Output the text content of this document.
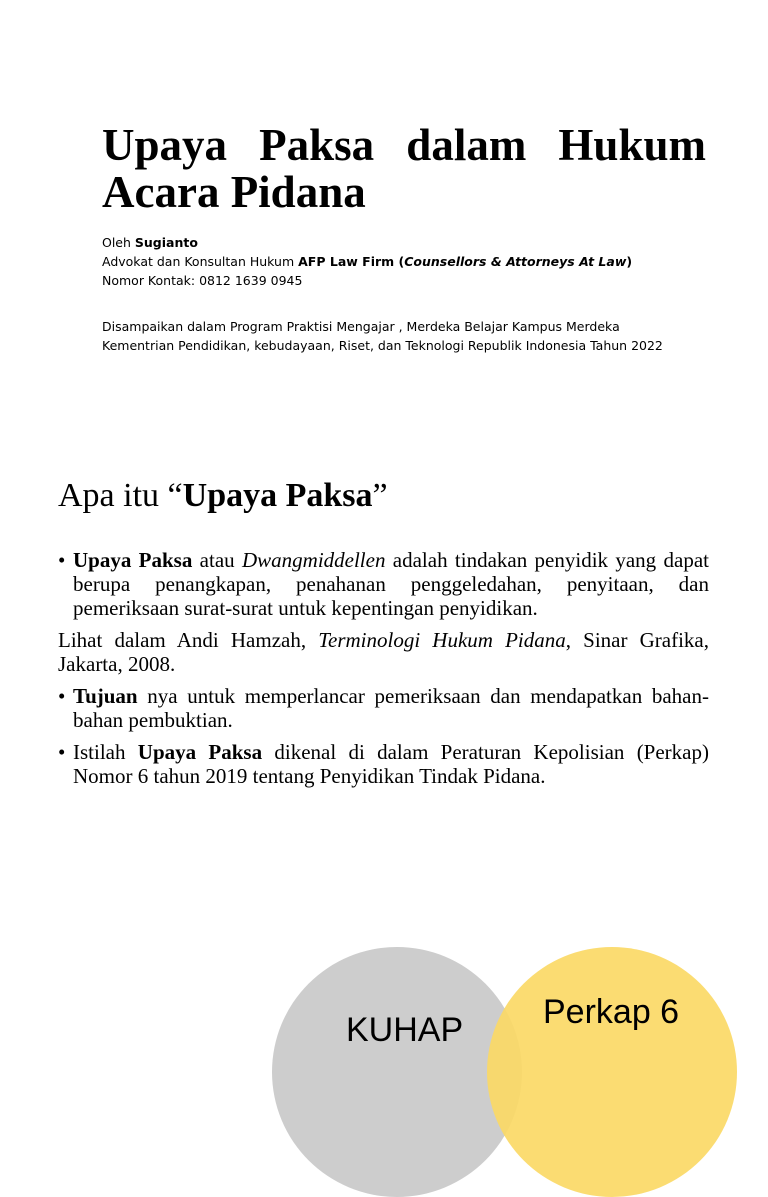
Upaya Paksa dalam Hukum Acara Pidana
Oleh Sugianto
Advokat dan Konsultan Hukum AFP Law Firm (Counsellors & Attorneys At Law)
Nomor Kontak: 0812 1639 0945
Disampaikan dalam Program Praktisi Mengajar , Merdeka Belajar Kampus Merdeka
Kementrian Pendidikan, kebudayaan, Riset, dan Teknologi Republik Indonesia Tahun 2022
Apa itu “Upaya Paksa”

• Upaya Paksa atau Dwangmiddellen adalah tindakan penyidik yang dapat berupa penangkapan, penahanan penggeledahan, penyitaan, dan pemeriksaan surat-surat untuk kepentingan penyidikan.

Lihat dalam Andi Hamzah, Terminologi Hukum Pidana, Sinar Grafika, Jakarta, 2008.

• Tujuan nya untuk memperlancar pemeriksaan dan mendapatkan bahan-bahan pembuktian.

• Istilah Upaya Paksa dikenal di dalam Peraturan Kepolisian (Perkap) Nomor 6 tahun 2019 tentang Penyidikan Tindak Pidana.

KUHAP Perkap 6
